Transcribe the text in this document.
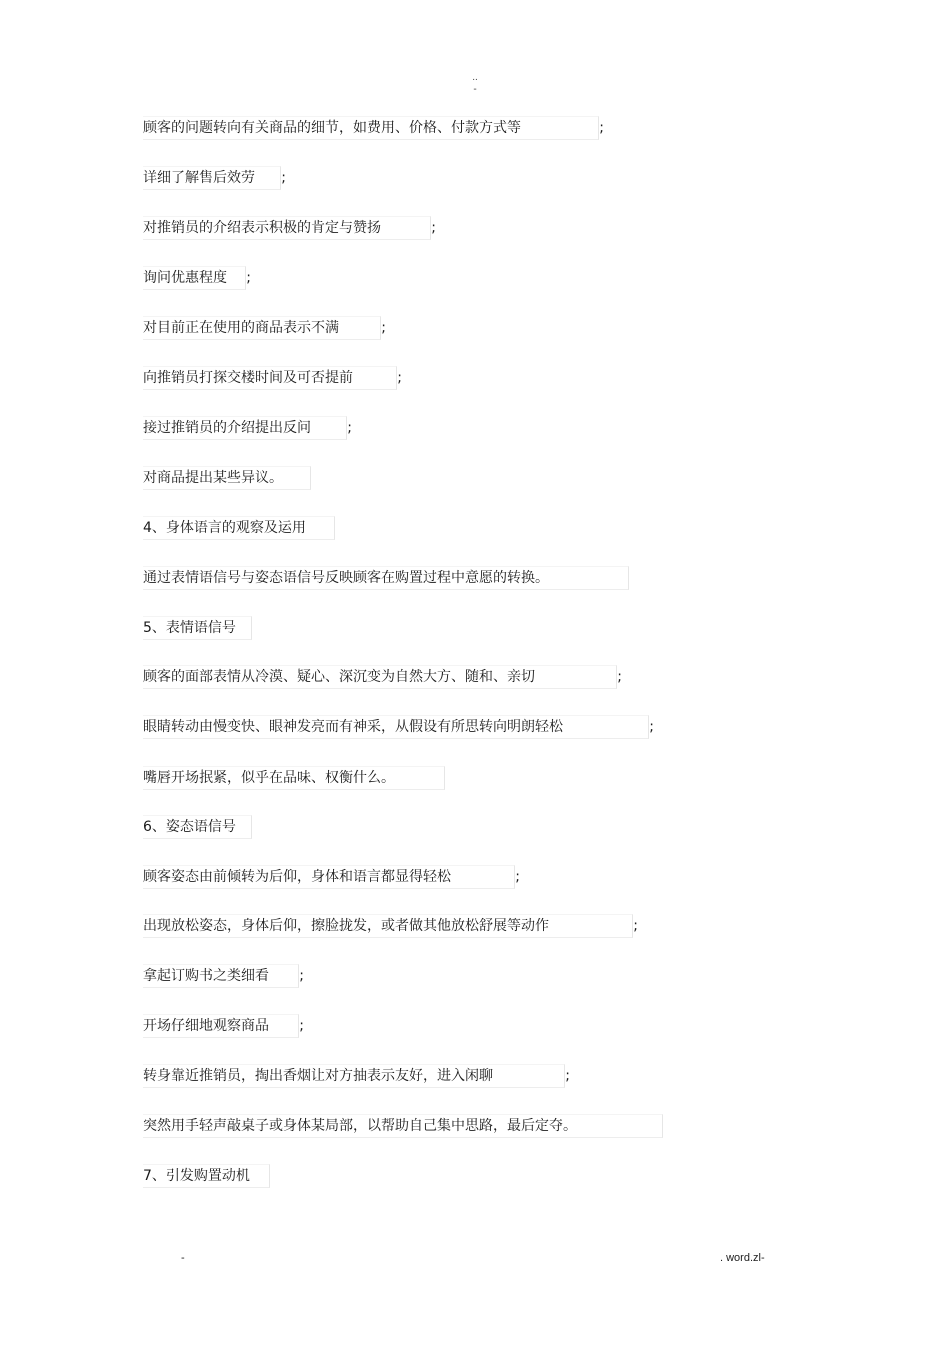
..
-
顾客的问题转向有关商品的细节，如费用、价格、付款方式等	;
详细了解售后效劳 ;
对推销员的介绍表示积极的肯定与赞扬	;
询问优惠程度 ;
对目前正在使用的商品表示不满	;
向推销员打探交楼时间及可否提前	;
接过推销员的介绍提出反问	;
对商品提出某些异议。
4、身体语言的观察及运用
通过表情语信号与姿态语信号反映顾客在购置过程中意愿的转换。
5、表情语信号
顾客的面部表情从冷漠、疑心、深沉变为自然大方、随和、亲切	;
眼睛转动由慢变快、眼神发亮而有神采，从假设有所思转向明朗轻松	;
嘴唇开场抿紧，似乎在品味、权衡什么。
6、姿态语信号
顾客姿态由前倾转为后仰，身体和语言都显得轻松	;
出现放松姿态，身体后仰，擦脸拢发，或者做其他放松舒展等动作	;
拿起订购书之类细看 ;
开场仔细地观察商品 ;
转身靠近推销员，掏出香烟让对方抽表示友好，进入闲聊	;
突然用手轻声敲桌子或身体某局部，以帮助自己集中思路，最后定夺。
7、引发购置动机
-	. word.zl-
